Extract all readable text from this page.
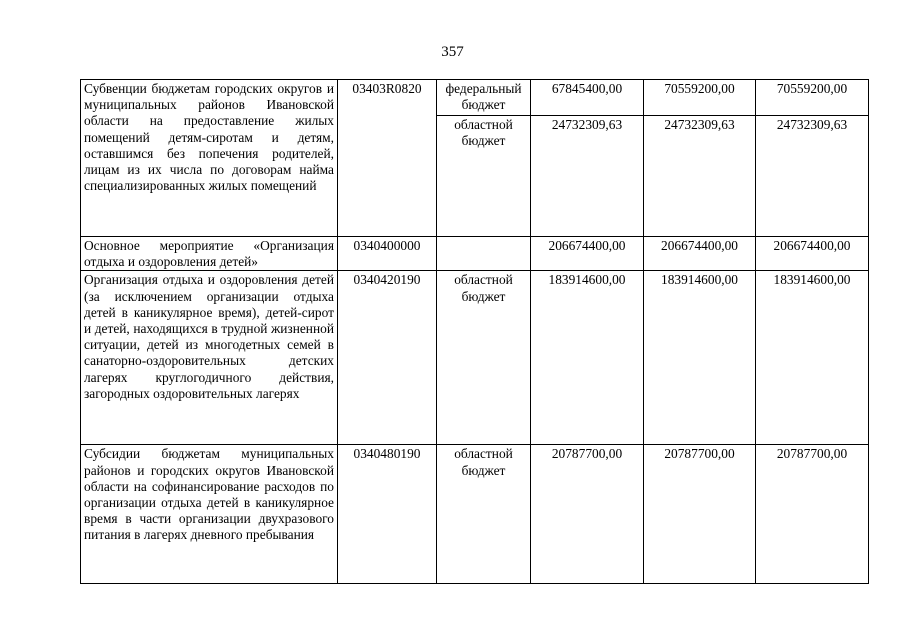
357
Субвенции бюджетам городских округов и муниципальных районов Ивановской области на предоставление жилых помещений детям-сиротам и детям, оставшимся без попечения родителей, лицам из их числа по договорам найма специализированных жилых помещений	03403R0820	федеральный бюджет	67845400,00	70559200,00	70559200,00
		областной бюджет	24732309,63	24732309,63	24732309,63
Основное мероприятие «Организация отдыха и оздоровления детей»	0340400000		206674400,00	206674400,00	206674400,00
Организация отдыха и оздоровления детей (за исключением организации отдыха детей в каникулярное время), детей-сирот и детей, находящихся в трудной жизненной ситуации, детей из многодетных семей в санаторно-оздоровительных детских лагерях круглогодичного действия, загородных оздоровительных лагерях	0340420190	областной бюджет	183914600,00	183914600,00	183914600,00
Субсидии бюджетам муниципальных районов и городских округов Ивановской области на софинансирование расходов по организации отдыха детей в каникулярное время в части организации двухразового питания в лагерях дневного пребывания	0340480190	областной бюджет	20787700,00	20787700,00	20787700,00
